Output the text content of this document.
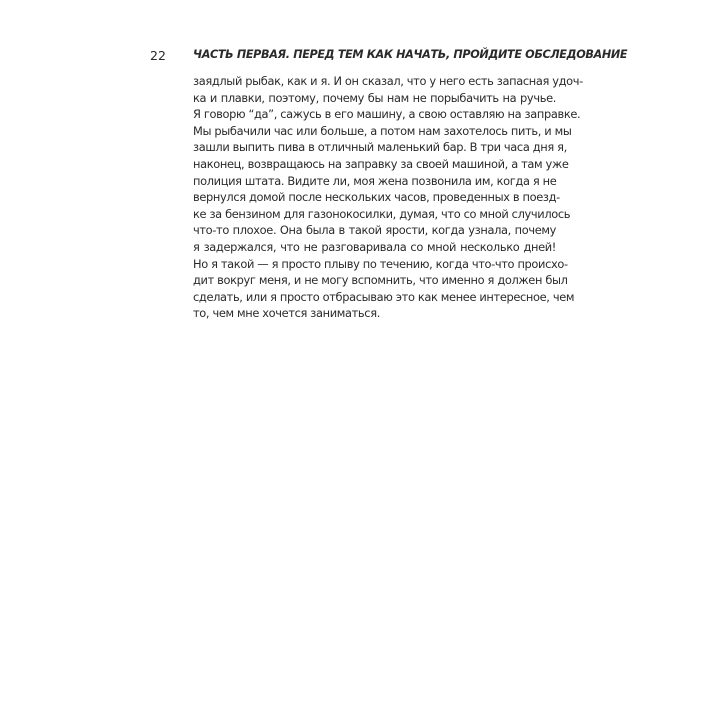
22 ЧАСТЬ ПЕРВАЯ. ПЕРЕД ТЕМ КАК НАЧАТЬ, ПРОЙДИТЕ ОБСЛЕДОВАНИЕ
заядлый рыбак, как и я. И он сказал, что у него есть запасная удоч-
ка и плавки, поэтому, почему бы нам не порыбачить на ручье.
Я говорю “да”, сажусь в его машину, а свою оставляю на заправке.
Мы рыбачили час или больше, а потом нам захотелось пить, и мы
зашли выпить пива в отличный маленький бар. В три часа дня я,
наконец, возвращаюсь на заправку за своей машиной, а там уже
полиция штата. Видите ли, моя жена позвонила им, когда я не
вернулся домой после нескольких часов, проведенных в поезд-
ке за бензином для газонокосилки, думая, что со мной случилось
что-то плохое. Она была в такой ярости, когда узнала, почему
я задержался, что не разговаривала со мной несколько дней!
Но я такой — я просто плыву по течению, когда что-что происхо-
дит вокруг меня, и не могу вспомнить, что именно я должен был
сделать, или я просто отбрасываю это как менее интересное, чем
то, чем мне хочется заниматься.
